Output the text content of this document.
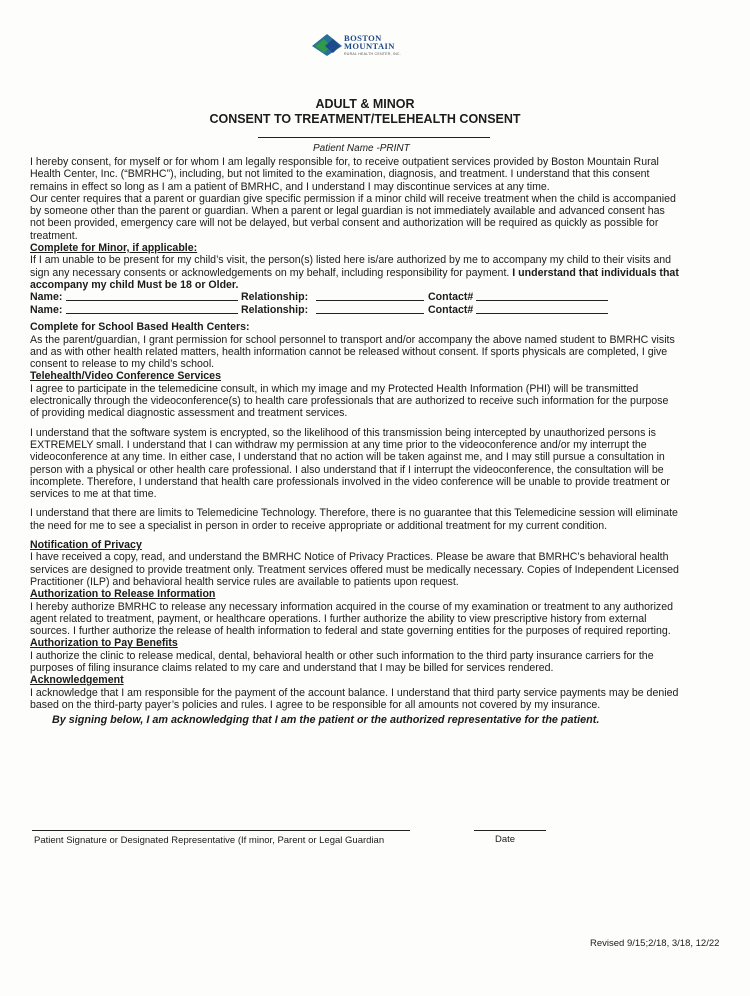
BOSTON
MOUNTAIN
RURAL HEALTH CENTER, INC.
ADULT & MINOR
CONSENT TO TREATMENT/TELEHEALTH CONSENT
Patient Name -PRINT

I hereby consent, for myself or for whom I am legally responsible for, to receive outpatient services provided by Boston Mountain Rural Health Center, Inc. (“BMRHC”), including, but not limited to the examination, diagnosis, and treatment. I understand that this consent remains in effect so long as I am a patient of BMRHC, and I understand I may discontinue services at any time.

Our center requires that a parent or guardian give specific permission if a minor child will receive treatment when the child is accompanied by someone other than the parent or guardian. When a parent or legal guardian is not immediately available and advanced consent has not been provided, emergency care will not be delayed, but verbal consent and authorization will be required as quickly as possible for treatment.

Complete for Minor, if applicable:

If I am unable to be present for my child’s visit, the person(s) listed here is/are authorized by me to accompany my child to their visits and sign any necessary consents or acknowledgements on my behalf, including responsibility for payment. I understand that individuals that accompany my child Must be 18 or Older.

Name:	Relationship:	Contact#
Name:	Relationship:	Contact#

Complete for School Based Health Centers:

As the parent/guardian, I grant permission for school personnel to transport and/or accompany the above named student to BMRHC visits and as with other health related matters, health information cannot be released without consent. If sports physicals are completed, I give consent to release to my child’s school.

Telehealth/Video Conference Services

I agree to participate in the telemedicine consult, in which my image and my Protected Health Information (PHI) will be transmitted electronically through the videoconference(s) to health care professionals that are authorized to receive such information for the purpose of providing medical diagnostic assessment and treatment services.

I understand that the software system is encrypted, so the likelihood of this transmission being intercepted by unauthorized persons is EXTREMELY small. I understand that I can withdraw my permission at any time prior to the videoconference and/or my interrupt the videoconference at any time. In either case, I understand that no action will be taken against me, and I may still pursue a consultation in person with a physical or other health care professional. I also understand that if I interrupt the videoconference, the consultation will be incomplete. Therefore, I understand that health care professionals involved in the video conference will be unable to provide treatment or services to me at that time.

I understand that there are limits to Telemedicine Technology. Therefore, there is no guarantee that this Telemedicine session will eliminate the need for me to see a specialist in person in order to receive appropriate or additional treatment for my current condition.

Notification of Privacy

I have received a copy, read, and understand the BMRHC Notice of Privacy Practices. Please be aware that BMRHC’s behavioral health services are designed to provide treatment only. Treatment services offered must be medically necessary. Copies of Independent Licensed Practitioner (ILP) and behavioral health service rules are available to patients upon request.

Authorization to Release Information

I hereby authorize BMRHC to release any necessary information acquired in the course of my examination or treatment to any authorized agent related to treatment, payment, or healthcare operations. I further authorize the ability to view prescriptive history from external sources. I further authorize the release of health information to federal and state governing entities for the purposes of required reporting.

Authorization to Pay Benefits

I authorize the clinic to release medical, dental, behavioral health or other such information to the third party insurance carriers for the purposes of filing insurance claims related to my care and understand that I may be billed for services rendered.

Acknowledgement

I acknowledge that I am responsible for the payment of the account balance. I understand that third party service payments may be denied based on the third-party payer’s policies and rules. I agree to be responsible for all amounts not covered by my insurance.

By signing below, I am acknowledging that I am the patient or the authorized representative for the patient.

Patient Signature or Designated Representative (If minor, Parent or Legal Guardian	Date
Revised 9/15;2/18, 3/18, 12/22
